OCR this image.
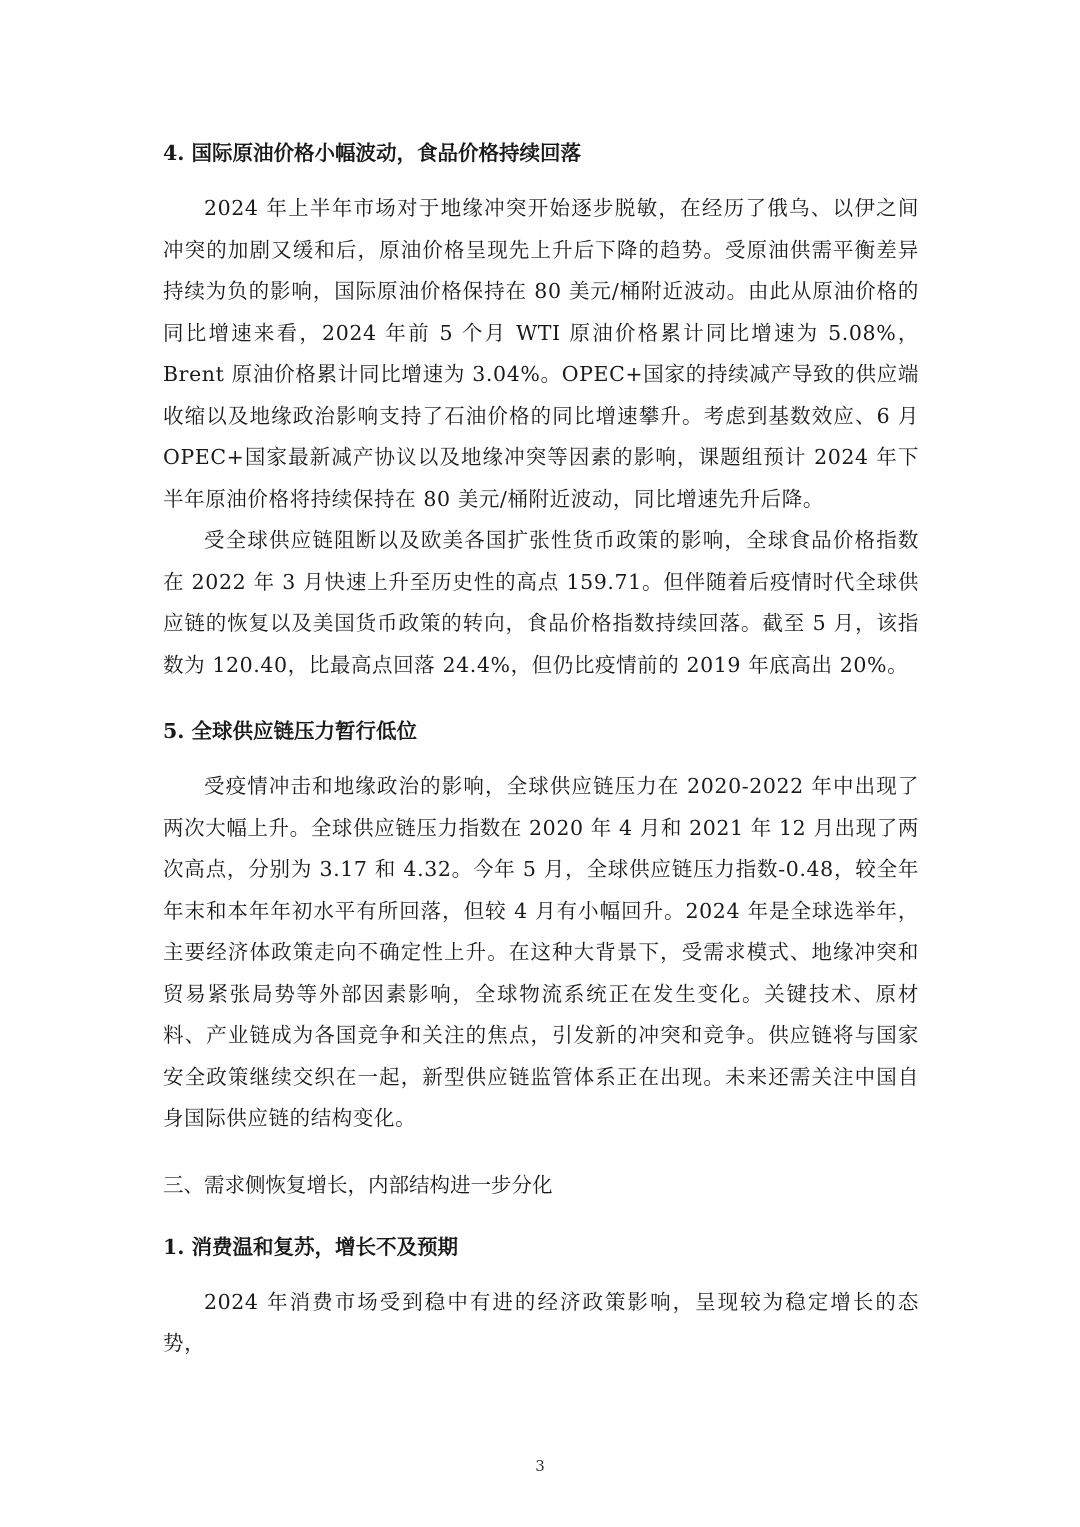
4. 国际原油价格小幅波动，食品价格持续回落

2024 年上半年市场对于地缘冲突开始逐步脱敏，在经历了俄乌、以伊之间冲突的加剧又缓和后，原油价格呈现先上升后下降的趋势。受原油供需平衡差异持续为负的影响，国际原油价格保持在 80 美元/桶附近波动。由此从原油价格的同比增速来看，2024 年前 5 个月 WTI 原油价格累计同比增速为 5.08%，Brent 原油价格累计同比增速为 3.04%。OPEC+国家的持续减产导致的供应端收缩以及地缘政治影响支持了石油价格的同比增速攀升。考虑到基数效应、6 月 OPEC+国家最新减产协议以及地缘冲突等因素的影响，课题组预计 2024 年下半年原油价格将持续保持在 80 美元/桶附近波动，同比增速先升后降。

受全球供应链阻断以及欧美各国扩张性货币政策的影响，全球食品价格指数在 2022 年 3 月快速上升至历史性的高点 159.71。但伴随着后疫情时代全球供应链的恢复以及美国货币政策的转向，食品价格指数持续回落。截至 5 月，该指数为 120.40，比最高点回落 24.4%，但仍比疫情前的 2019 年底高出 20%。

5. 全球供应链压力暂行低位

受疫情冲击和地缘政治的影响，全球供应链压力在 2020-2022 年中出现了两次大幅上升。全球供应链压力指数在 2020 年 4 月和 2021 年 12 月出现了两次高点，分别为 3.17 和 4.32。今年 5 月，全球供应链压力指数-0.48，较全年年末和本年年初水平有所回落，但较 4 月有小幅回升。2024 年是全球选举年，主要经济体政策走向不确定性上升。在这种大背景下，受需求模式、地缘冲突和贸易紧张局势等外部因素影响，全球物流系统正在发生变化。关键技术、原材料、产业链成为各国竞争和关注的焦点，引发新的冲突和竞争。供应链将与国家安全政策继续交织在一起，新型供应链监管体系正在出现。未来还需关注中国自身国际供应链的结构变化。

三、需求侧恢复增长，内部结构进一步分化
1. 消费温和复苏，增长不及预期

2024 年消费市场受到稳中有进的经济政策影响，呈现较为稳定增长的态势，

3
